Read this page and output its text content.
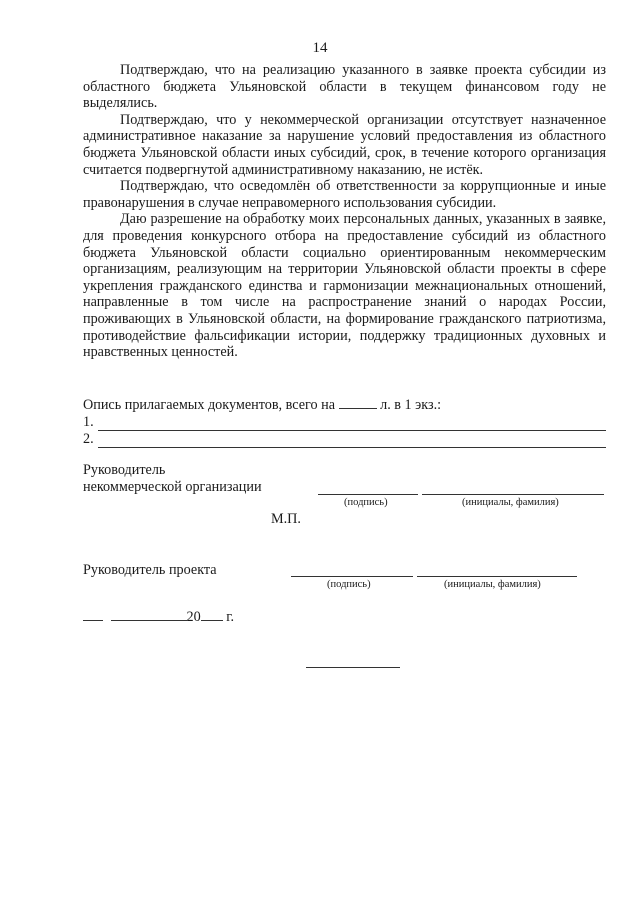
14

Подтверждаю, что на реализацию указанного в заявке проекта субсидии из областного бюджета Ульяновской области в текущем финансовом году не выделялись.

Подтверждаю, что у некоммерческой организации отсутствует назначенное административное наказание за нарушение условий предоставления из областного бюджета Ульяновской области иных субсидий, срок, в течение которого организация считается подвергнутой административному наказанию, не истёк.

Подтверждаю, что осведомлён об ответственности за коррупционные и иные правонарушения в случае неправомерного использования субсидии.

Даю разрешение на обработку моих персональных данных, указанных в заявке, для проведения конкурсного отбора на предоставление субсидий из областного бюджета Ульяновской области социально ориентированным некоммерческим организациям, реализующим на территории Ульяновской области проекты в сфере укрепления гражданского единства и гармонизации межнациональных отношений, направленные в том числе на распространение знаний о народах России, проживающих в Ульяновской области, на формирование гражданского патриотизма, противодействие фальсификации истории, поддержку традиционных духовных и нравственных ценностей.

Опись прилагаемых документов, всего на	л. в 1 экз.:
1.
2.
Руководитель
некоммерческой организации
(подпись)	(инициалы, фамилия)
М.П.
Руководитель проекта
(подпись)	(инициалы, фамилия)
20 г.
